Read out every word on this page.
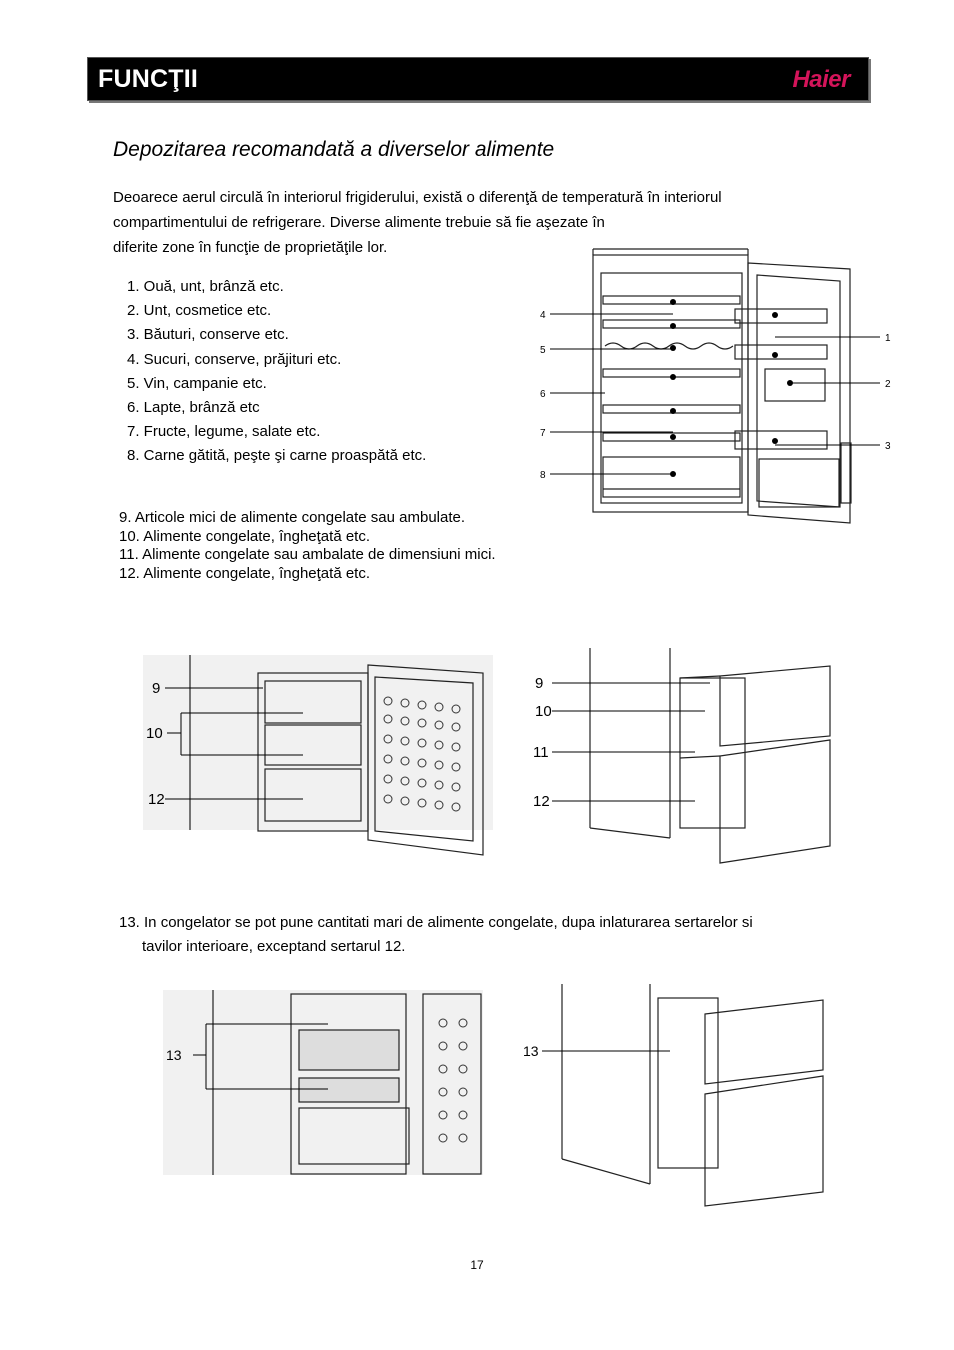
FUNCŢII	Haier
Depozitarea recomandată a diverselor alimente

Deoarece aerul circulă în interiorul frigiderului, există o diferenţă de temperatură în interiorul

compartimentului de refrigerare. Diverse alimente trebuie să fie aşezate în

diferite zone în funcţie de proprietăţile lor.

1. Ouă, unt, brânză etc.
2. Unt, cosmetice etc.
3. Băuturi, conserve etc.
4. Sucuri, conserve, prăjituri etc.
5. Vin, campanie etc.
6. Lapte, brânză etc
7. Fructe, legume, salate etc.
8. Carne gătită, peşte şi carne proaspătă etc.
9. Articole mici de alimente congelate sau ambulate.
10. Alimente congelate, îngheţată etc.
11. Alimente congelate sau ambalate de dimensiuni mici.
12. Alimente congelate, îngheţată etc.
4
5
6
7
8
1
2
3
9
10
12
9
10
11
12
13. In congelator se pot pune cantitati mari de alimente congelate, dupa inlaturarea sertarelor si
tavilor interioare, exceptand sertarul 12.
13	13
17
